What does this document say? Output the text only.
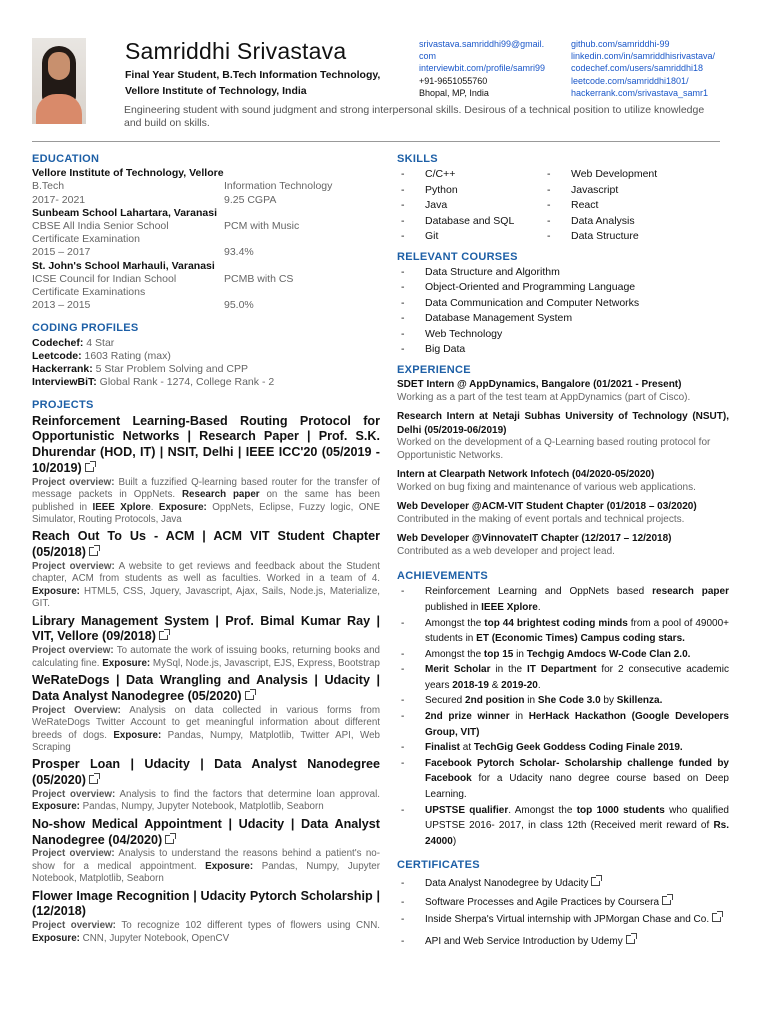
Samriddhi Srivastava
Final Year Student, B.Tech Information Technology,
Vellore Institute of Technology, India
srivastava.samriddhi99@gmail.
com
interviewbit.com/profile/samri99
+91-9651055760
Bhopal, MP, India
github.com/samriddhi-99
linkedin.com/in/samriddhisrivastava/
codechef.com/users/samriddhi18
leetcode.com/samriddhi1801/
hackerrank.com/srivastava_samr1
Engineering student with sound judgment and strong interpersonal skills. Desirous of a technical position to utilize knowledge and build on skills.
EDUCATION
Vellore Institute of Technology, Vellore
B.Tech	Information Technology
2017- 2021	9.25 CGPA
Sunbeam School Lahartara, Varanasi
CBSE All India Senior School	PCM with Music
Certificate Examination
2015 – 2017	93.4%
St. John's School Marhauli, Varanasi
ICSE Council for Indian School	PCMB with CS
Certificate Examinations
2013 – 2015	95.0%
CODING PROFILES
Codechef: 4 Star
Leetcode: 1603 Rating (max)
Hackerrank: 5 Star Problem Solving and CPP
InterviewBiT: Global Rank - 1274, College Rank - 2
PROJECTS
Reinforcement Learning-Based Routing Protocol for Opportunistic Networks | Research Paper | Prof. S.K. Dhurendar (HOD, IT) | NSIT, Delhi | IEEE ICC'20 (05/2019 - 10/2019)
Project overview: Built a fuzzified Q-learning based router for the transfer of message packets in OppNets. Research paper on the same has been published in IEEE Xplore. Exposure: OppNets, Eclipse, Fuzzy logic, ONE Simulator, Routing Protocols, Java
Reach Out To Us - ACM | ACM VIT Student Chapter (05/2018)
Project overview: A website to get reviews and feedback about the Student chapter, ACM from students as well as faculties. Worked in a team of 4. Exposure: HTML5, CSS, Jquery, Javascript, Ajax, Sails, Node.js, Materialize, GIT.
Library Management System | Prof. Bimal Kumar Ray | VIT, Vellore (09/2018)
Project overview: To automate the work of issuing books, returning books and calculating fine. Exposure: MySql, Node.js, Javascript, EJS, Express, Bootstrap
WeRateDogs | Data Wrangling and Analysis | Udacity | Data Analyst Nanodegree (05/2020)
Project Overview: Analysis on data collected in various forms from WeRateDogs Twitter Account to get meaningful information about different breeds of dogs. Exposure: Pandas, Numpy, Matplotlib, Twitter API, Web Scraping
Prosper Loan | Udacity | Data Analyst Nanodegree (05/2020)
Project overview: Analysis to find the factors that determine loan approval. Exposure: Pandas, Numpy, Jupyter Notebook, Matplotlib, Seaborn
No-show Medical Appointment | Udacity | Data Analyst Nanodegree (04/2020)
Project overview: Analysis to understand the reasons behind a patient's no-show for a medical appointment. Exposure: Pandas, Numpy, Jupyter Notebook, Matplotlib, Seaborn
Flower Image Recognition | Udacity Pytorch Scholarship | (12/2018)
Project overview: To recognize 102 different types of flowers using CNN. Exposure: CNN, Jupyter Notebook, OpenCV
SKILLS
- C/C++
- Python
- Java
- Database and SQL
- Git
- Web Development
- Javascript
- React
- Data Analysis
- Data Structure
RELEVANT COURSES
- Data Structure and Algorithm
- Object-Oriented and Programming Language
- Data Communication and Computer Networks
- Database Management System
- Web Technology
- Big Data
EXPERIENCE
SDET Intern @ AppDynamics, Bangalore (01/2021 - Present)
Working as a part of the test team at AppDynamics (part of Cisco).
Research Intern at Netaji Subhas University of Technology (NSUT), Delhi (05/2019-06/2019)
Worked on the development of a Q-Learning based routing protocol for Opportunistic Networks.
Intern at Clearpath Network Infotech (04/2020-05/2020)
Worked on bug fixing and maintenance of various web applications.
Web Developer @ACM-VIT Student Chapter (01/2018 – 03/2020)
Contributed in the making of event portals and technical projects.
Web Developer @VinnovateIT Chapter (12/2017 – 12/2018)
Contributed as a web developer and project lead.
ACHIEVEMENTS
- Reinforcement Learning and OppNets based research paper published in IEEE Xplore.
- Amongst the top 44 brightest coding minds from a pool of 49000+ students in ET (Economic Times) Campus coding stars.
- Amongst the top 15 in Techgig Amdocs W-Code Clan 2.0.
- Merit Scholar in the IT Department for 2 consecutive academic years 2018-19 & 2019-20.
- Secured 2nd position in She Code 3.0 by Skillenza.
- 2nd prize winner in HerHack Hackathon (Google Developers Group, VIT)
- Finalist at TechGig Geek Goddess Coding Finale 2019.
- Facebook Pytorch Scholar- Scholarship challenge funded by Facebook for a Udacity nano degree course based on Deep Learning.
- UPSTSE qualifier. Amongst the top 1000 students who qualified UPSTSE 2016- 2017, in class 12th (Received merit reward of Rs. 24000)
CERTIFICATES
- Data Analyst Nanodegree by Udacity
- Software Processes and Agile Practices by Coursera
- Inside Sherpa's Virtual internship with JPMorgan Chase and Co.
- API and Web Service Introduction by Udemy
